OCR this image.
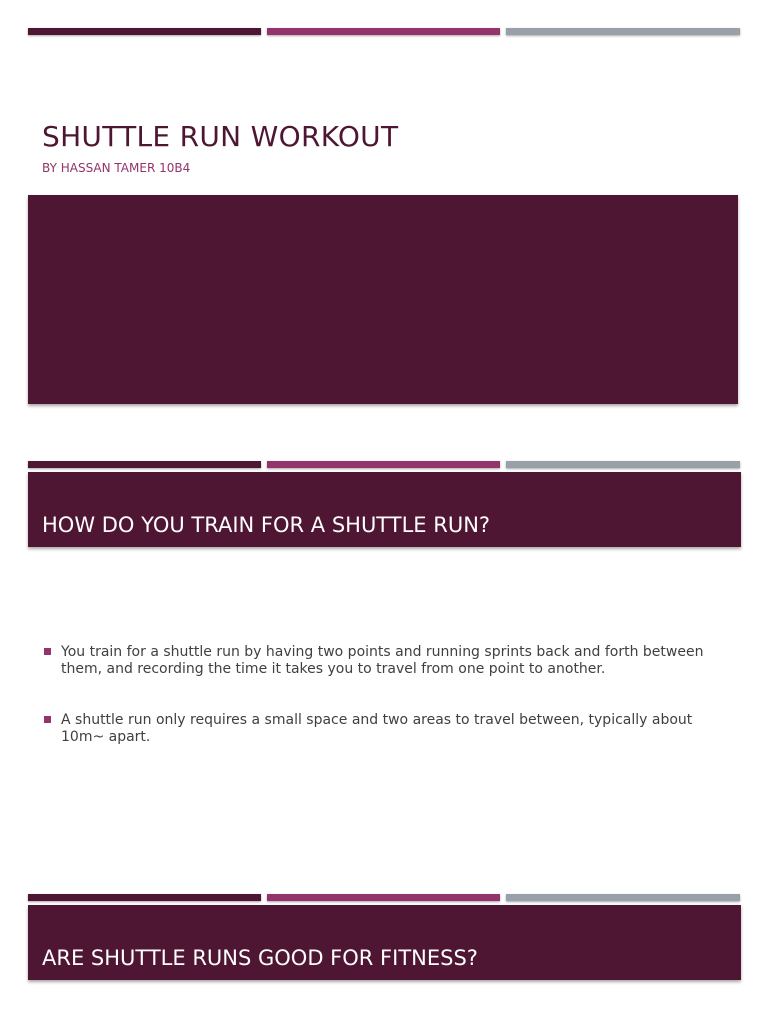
SHUTTLE RUN WORKOUT
BY HASSAN TAMER 10B4
HOW DO YOU TRAIN FOR A SHUTTLE RUN?
You train for a shuttle run by having two points and running sprints back and forth between them, and recording the time it takes you to travel from one point to another.
A shuttle run only requires a small space and two areas to travel between, typically about 10m~ apart.
ARE SHUTTLE RUNS GOOD FOR FITNESS?
